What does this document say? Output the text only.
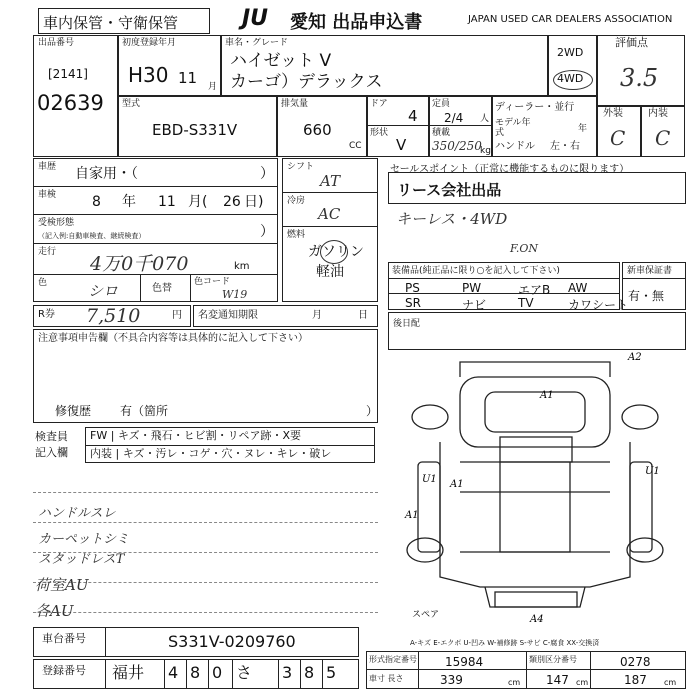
車内保管・守衛保管	JU	愛知 出品申込書	JAPAN USED CAR DEALERS ASSOCIATION
出品番号
[2141]
02639
初度登録年月
H30 11 月
車名・グレード
ハイゼット V
カーゴ）デラックス
2WD
4WD
評価点
3.5
外装	内装
C C
型式
EBD-S331V
排気量
660
CC
ドア
4
形状
V
定員
2/4 人
積載
350/250
kg
ディーラー・並行
モデル年式	年
ハンドル 左・右
車歴 自家用・（	）
車検	8 年 11 月( 26 日)
受検形態
（記入例:自動車検査、継続検査）	）
走行
4万0千070	km
色	シロ	色替
色コード
W19
シフト
AT
冷房
AC
燃料
ガソリン
軽油
セールスポイント（正常に機能するものに限ります）
リース会社出品
キーレス・4WD
F.ON
装備品(純正品に限り○を記入して下さい)
PS	PW	エアB AW
SR	ナビ	TV	カワシート
新車保証書
有・無
後日配
R券 7,510	円 名変通知期限	月	日
注意事項申告欄（不具合内容等は具体的に記入して下さい）
修復歴 有（箇所	）
検査員
記入欄
FW | キズ・飛石・ヒビ割・リペア跡・X要
内装 | キズ・汚レ・コゲ・穴・ヌレ・キレ・破レ
ハンドルスレ
カーペットシミ
スタッドレスT
荷室AU
各AU
A2
A1
A1
U1
A1
A4
U1
スペア
A-キズ E-エクボ U-凹み W-補修跡 S-サビ C-腐食 XX-交換済
車台番号	S331V-0209760
登録番号 福井 4 8 0 さ 3 8 5
形式指定番号 15984	類別区分番号	0278
車寸 長さ	339	cm 147 cm	187 cm
